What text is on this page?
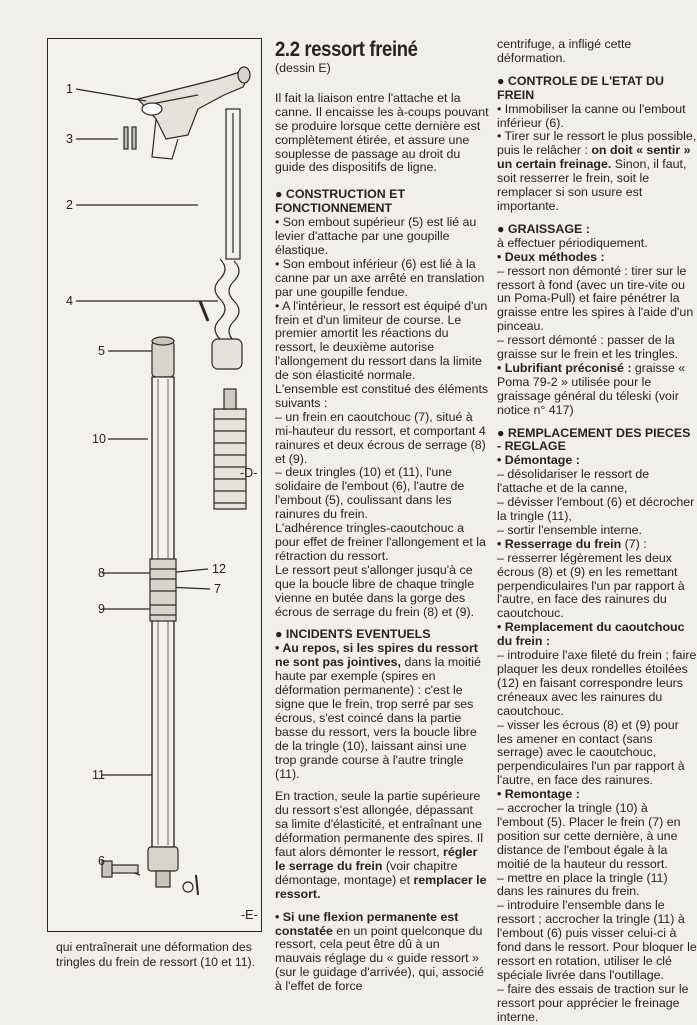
1
3
2
4
5
10
-D-
8	12
7
9
11
6
-E-
qui entraînerait une déformation des tringles du frein de ressort (10 et 11).
2.2 ressort freiné

(dessin E)

Il fait la liaison entre l'attache et la canne. Il encaisse les à-coups pouvant se produire lorsque cette dernière est complètement étirée, et assure une souplesse de passage au droit du guide des dispositifs de ligne.

● CONSTRUCTION ET FONCTIONNEMENT

• Son embout supérieur (5) est lié au levier d'attache par une goupille élastique.

• Son embout inférieur (6) est lié à la canne par un axe arrêté en translation par une goupille fendue.

• A l'intérieur, le ressort est équipé d'un frein et d'un limiteur de course. Le premier amortit les réactions du ressort, le deuxième autorise l'allongement du ressort dans la limite de son élasticité normale.

L'ensemble est constitué des éléments suivants :

– un frein en caoutchouc (7), situé à mi-hauteur du ressort, et comportant 4 rainures et deux écrous de serrage (8) et (9).

– deux tringles (10) et (11), l'une solidaire de l'embout (6), l'autre de l'embout (5), coulissant dans les rainures du frein.

L'adhérence tringles-caoutchouc a pour effet de freiner l'allongement et la rétraction du ressort.

Le ressort peut s'allonger jusqu'à ce que la boucle libre de chaque tringle vienne en butée dans la gorge des écrous de serrage du frein (8) et (9).

● INCIDENTS EVENTUELS

• Au repos, si les spires du ressort ne sont pas jointives, dans la moitié haute par exemple (spires en déformation permanente) : c'est le signe que le frein, trop serré par ses écrous, s'est coincé dans la partie basse du ressort, vers la boucle libre de la tringle (10), laissant ainsi une trop grande course à l'autre tringle (11).

En traction, seule la partie supérieure du ressort s'est allongée, dépassant sa limite d'élasticité, et entraînant une déformation permanente des spires. Il faut alors démonter le ressort, régler le serrage du frein (voir chapitre démontage, montage) et remplacer le ressort.

• Si une flexion permanente est constatée en un point quelconque du ressort, cela peut être dû à un mauvais réglage du « guide ressort » (sur le guidage d'arrivée), qui, associé à l'effet de force

centrifuge, a infligé cette déformation.

● CONTROLE DE L'ETAT DU FREIN

• Immobiliser la canne ou l'embout inférieur (6).

• Tirer sur le ressort le plus possible, puis le relâcher : on doit « sentir » un certain freinage. Sinon, il faut, soit resserrer le frein, soit le remplacer si son usure est importante.

● GRAISSAGE :

à effectuer périodiquement.

• Deux méthodes :

– ressort non démonté : tirer sur le ressort à fond (avec un tire-vite ou un Poma-Pull) et faire pénétrer la graisse entre les spires à l'aide d'un pinceau.

– ressort démonté : passer de la graisse sur le frein et les tringles.

• Lubrifiant préconisé : graisse « Poma 79-2 » utilisée pour le graissage général du téleski (voir notice n° 417)

● REMPLACEMENT DES PIECES - REGLAGE

• Démontage :

– désolidariser le ressort de l'attache et de la canne,

– dévisser l'embout (6) et décrocher la tringle (11),

– sortir l'ensemble interne.

• Resserrage du frein (7) :

– resserrer légèrement les deux écrous (8) et (9) en les remettant perpendiculaires l'un par rapport à l'autre, en face des rainures du caoutchouc.

• Remplacement du caoutchouc du frein :

– introduire l'axe fileté du frein ; faire plaquer les deux rondelles étoilées (12) en faisant correspondre leurs créneaux avec les rainures du caoutchouc.

– visser les écrous (8) et (9) pour les amener en contact (sans serrage) avec le caoutchouc, perpendiculaires l'un par rapport à l'autre, en face des rainures.

• Remontage :

– accrocher la tringle (10) à l'embout (5). Placer le frein (7) en position sur cette dernière, à une distance de l'embout égale à la moitié de la hauteur du ressort.

– mettre en place la tringle (11) dans les rainures du frein.

– introduire l'ensemble dans le ressort ; accrocher la tringle (11) à l'embout (6) puis visser celui-ci à fond dans le ressort. Pour bloquer le ressort en rotation, utiliser le clé spéciale livrée dans l'outillage.

– faire des essais de traction sur le ressort pour apprécier le freinage interne.
